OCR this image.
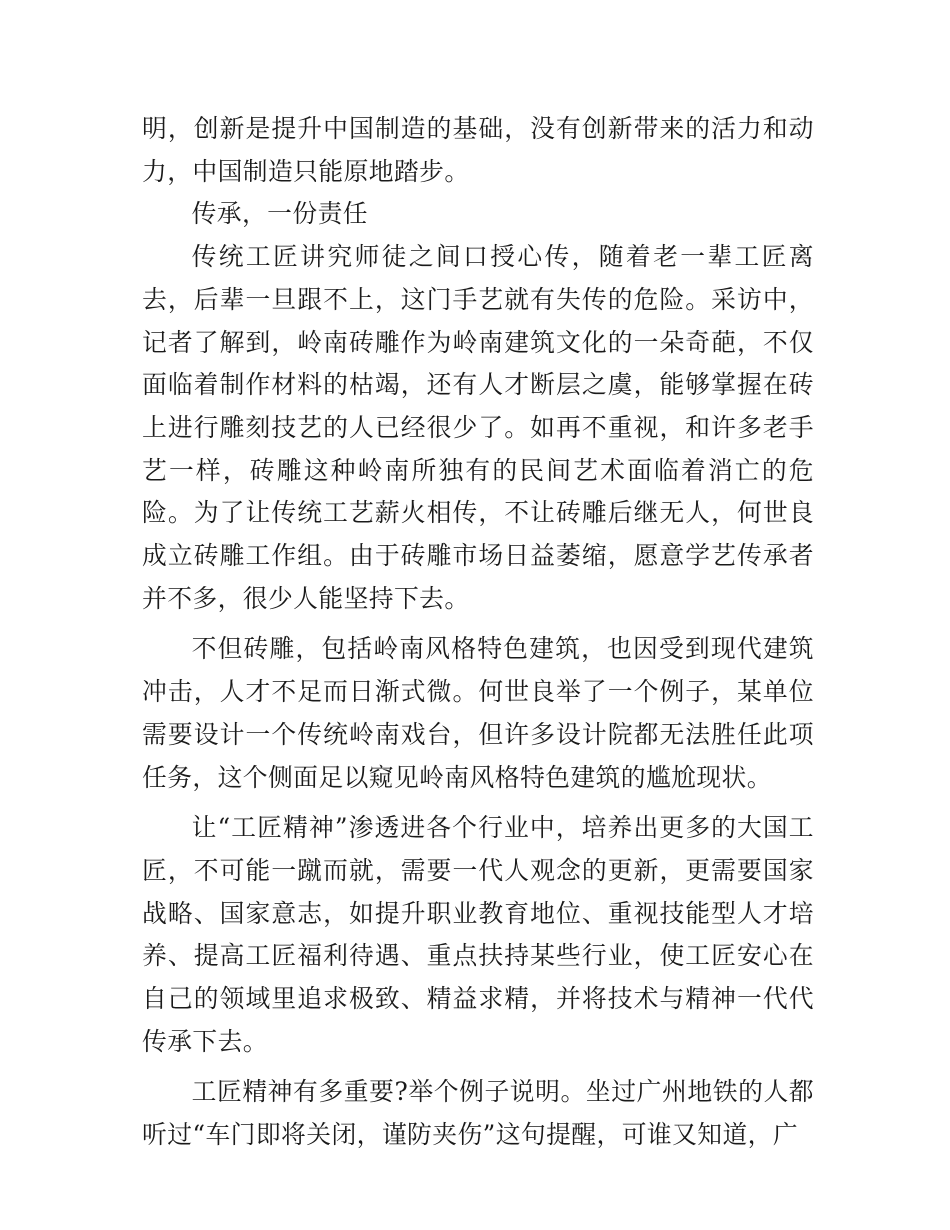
明，创新是提升中国制造的基础，没有创新带来的活力和动力，中国制造只能原地踏步。

传承，一份责任

传统工匠讲究师徒之间口授心传，随着老一辈工匠离去，后辈一旦跟不上，这门手艺就有失传的危险。采访中，记者了解到，岭南砖雕作为岭南建筑文化的一朵奇葩，不仅面临着制作材料的枯竭，还有人才断层之虞，能够掌握在砖上进行雕刻技艺的人已经很少了。如再不重视，和许多老手艺一样，砖雕这种岭南所独有的民间艺术面临着消亡的危险。为了让传统工艺薪火相传，不让砖雕后继无人，何世良成立砖雕工作组。由于砖雕市场日益萎缩，愿意学艺传承者并不多，很少人能坚持下去。

不但砖雕，包括岭南风格特色建筑，也因受到现代建筑冲击，人才不足而日渐式微。何世良举了一个例子，某单位需要设计一个传统岭南戏台，但许多设计院都无法胜任此项任务，这个侧面足以窥见岭南风格特色建筑的尴尬现状。

让“工匠精神”渗透进各个行业中，培养出更多的大国工匠，不可能一蹴而就，需要一代人观念的更新，更需要国家战略、国家意志，如提升职业教育地位、重视技能型人才培养、提高工匠福利待遇、重点扶持某些行业，使工匠安心在自己的领域里追求极致、精益求精，并将技术与精神一代代传承下去。

工匠精神有多重要?举个例子说明。坐过广州地铁的人都听过“车门即将关闭，谨防夹伤”这句提醒，可谁又知道，广
